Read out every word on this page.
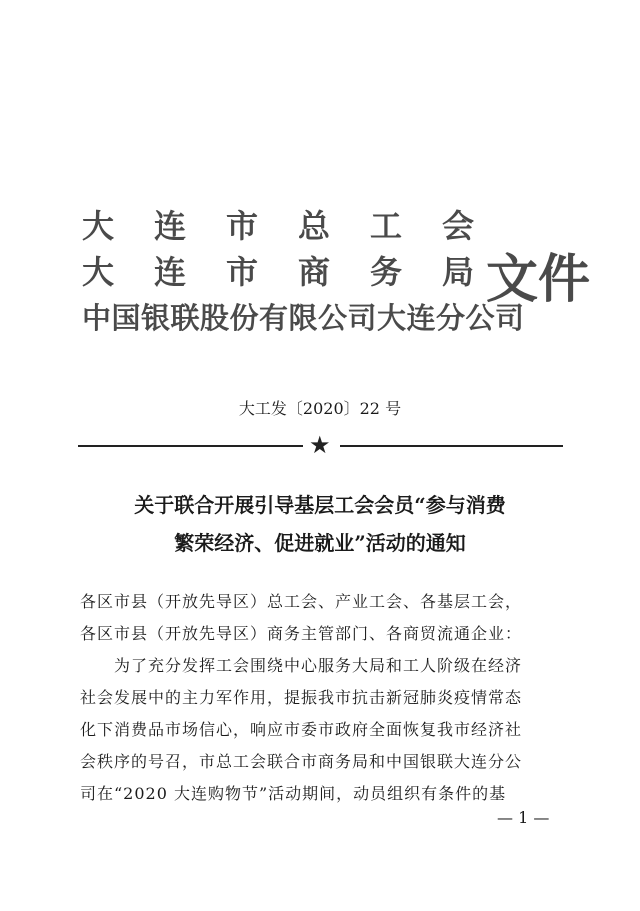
大　连　市　总　工　会
大　连　市　商　务　局
中国银联股份有限公司大连分公司
文件
大工发〔2020〕22 号
★
关于联合开展引导基层工会会员“参与消费
繁荣经济、促进就业”活动的通知
各区市县（开放先导区）总工会、产业工会、各基层工会，
各区市县（开放先导区）商务主管部门、各商贸流通企业：
　　为了充分发挥工会围绕中心服务大局和工人阶级在经济
社会发展中的主力军作用，提振我市抗击新冠肺炎疫情常态
化下消费品市场信心，响应市委市政府全面恢复我市经济社
会秩序的号召，市总工会联合市商务局和中国银联大连分公
司在“2020 大连购物节”活动期间，动员组织有条件的基
— 1 —
